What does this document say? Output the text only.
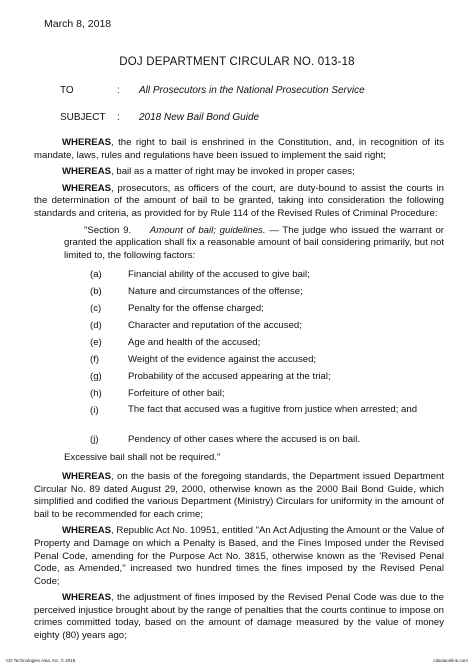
March 8, 2018
DOJ DEPARTMENT CIRCULAR NO. 013-18
TO	: All Prosecutors in the National Prosecution Service
SUBJECT	: 2018 New Bail Bond Guide

WHEREAS, the right to bail is enshrined in the Constitution, and, in recognition of its mandate, laws, rules and regulations have been issued to implement the said right;

WHEREAS, bail as a matter of right may be invoked in proper cases;

WHEREAS, prosecutors, as officers of the court, are duty-bound to assist the courts in the determination of the amount of bail to be granted, taking into consideration the following standards and criteria, as provided for by Rule 114 of the Revised Rules of Criminal Procedure:

"Section 9. Amount of bail; guidelines. — The judge who issued the warrant or granted the application shall fix a reasonable amount of bail considering primarily, but not limited to, the following factors:

(a)	Financial ability of the accused to give bail;
(b)	Nature and circumstances of the offense;
(c)	Penalty for the offense charged;
(d)	Character and reputation of the accused;
(e)	Age and health of the accused;
(f)	Weight of the evidence against the accused;
(g)	Probability of the accused appearing at the trial;
(h)	Forfeiture of other bail;
(i)	The fact that accused was a fugitive from justice when arrested; and
(j)	Pendency of other cases where the accused is on bail.

Excessive bail shall not be required."

WHEREAS, on the basis of the foregoing standards, the Department issued Department Circular No. 89 dated August 29, 2000, otherwise known as the 2000 Bail Bond Guide, which simplified and codified the various Department (Ministry) Circulars for uniformity in the amount of bail to be recommended for each crime;

WHEREAS, Republic Act No. 10951, entitled "An Act Adjusting the Amount or the Value of Property and Damage on which a Penalty is Based, and the Fines Imposed under the Revised Penal Code, amending for the Purpose Act No. 3815, otherwise known as the 'Revised Penal Code, as Amended,'' increased two hundred times the fines imposed by the Revised Penal Code;

WHEREAS, the adjustment of fines imposed by the Revised Penal Code was due to the perceived injustice brought about by the range of penalties that the courts continue to impose on crimes committed today, based on the amount of damage measured by the value of money eighty (80) years ago;

CD Technologies Asia, Inc. © 2018	cdasiaonline.com
